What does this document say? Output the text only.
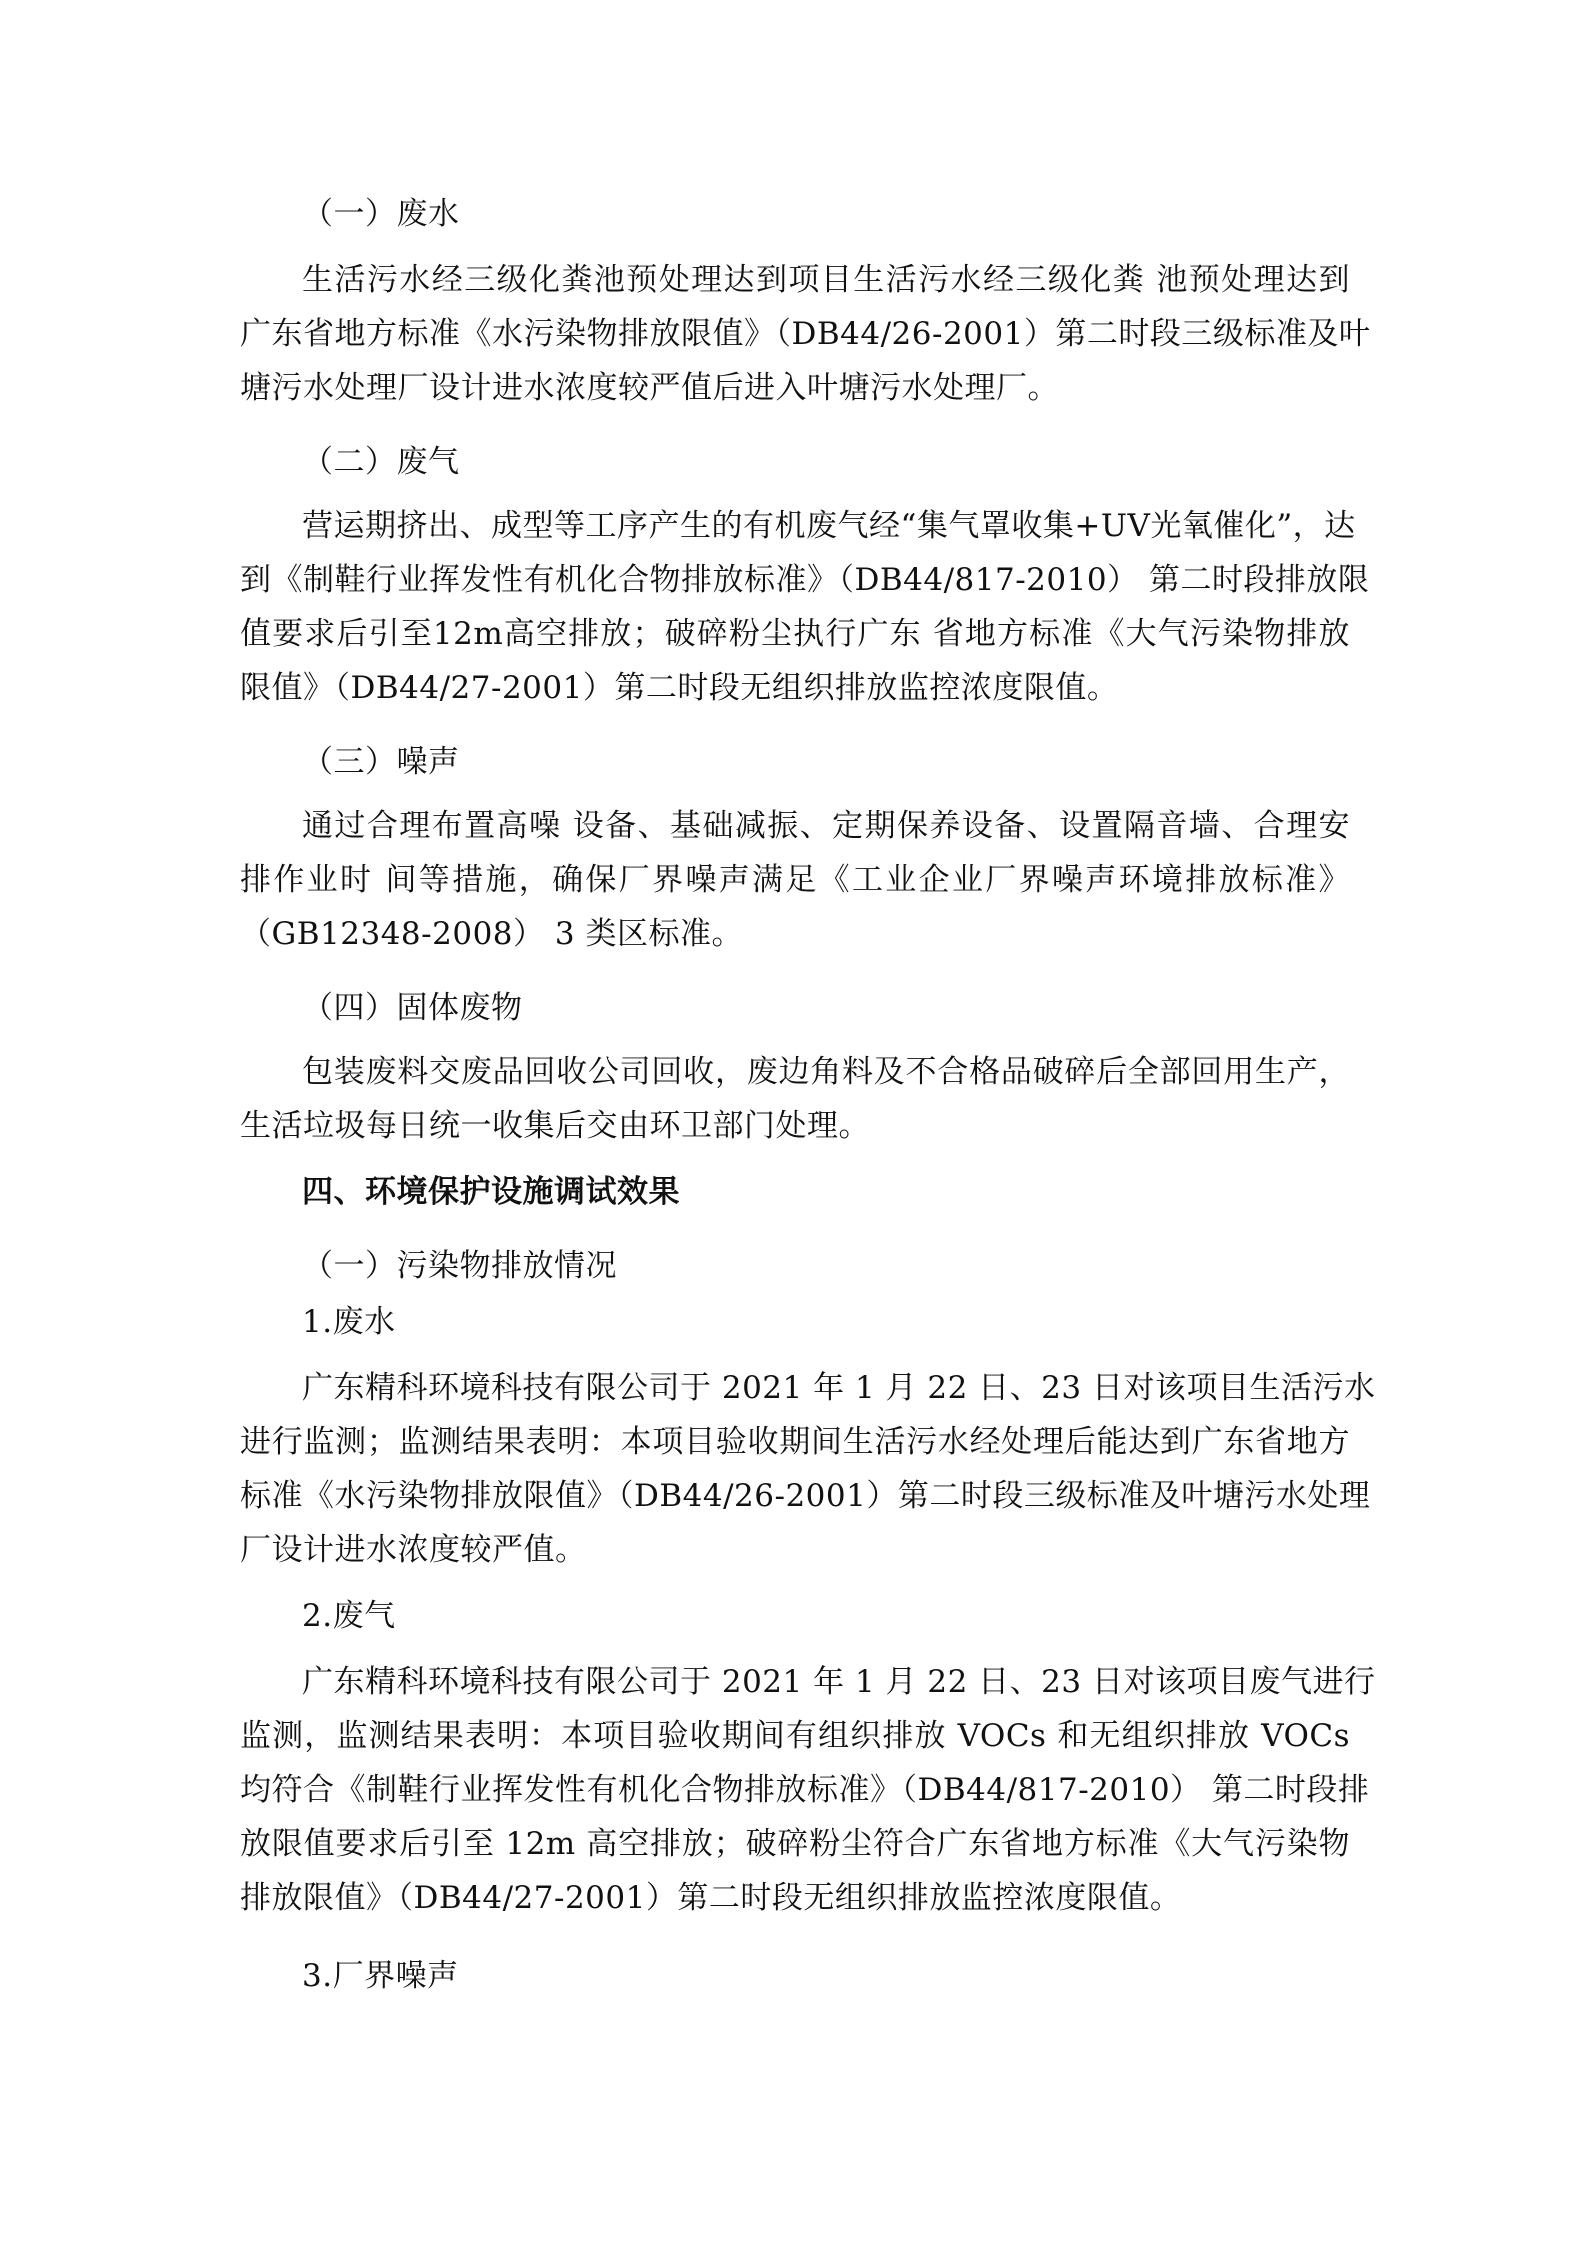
（一）废水
生活污水经三级化粪池预处理达到项目生活污水经三级化粪 池预处理达到
广东省地方标准《水污染物排放限值》（DB44/26-2001）第二时段三级标准及叶
塘污水处理厂设计进水浓度较严值后进入叶塘污水处理厂。
（二）废气
营运期挤出、成型等工序产生的有机废气经“集气罩收集+UV光氧催化”，达
到《制鞋行业挥发性有机化合物排放标准》（DB44/817-2010） 第二时段排放限
值要求后引至12m高空排放；破碎粉尘执行广东 省地方标准《大气污染物排放
限值》（DB44/27-2001）第二时段无组织排放监控浓度限值。
（三）噪声
通过合理布置高噪 设备、基础减振、定期保养设备、设置隔音墙、合理安
排作业时 间等措施，确保厂界噪声满足《工业企业厂界噪声环境排放标准》
（GB12348-2008） 3 类区标准。
（四）固体废物
包装废料交废品回收公司回收，废边角料及不合格品破碎后全部回用生产，
生活垃圾每日统一收集后交由环卫部门处理。
四、环境保护设施调试效果
（一）污染物排放情况
1.废水
广东精科环境科技有限公司于 2021 年 1 月 22 日、23 日对该项目生活污水
进行监测；监测结果表明：本项目验收期间生活污水经处理后能达到广东省地方
标准《水污染物排放限值》（DB44/26-2001）第二时段三级标准及叶塘污水处理
厂设计进水浓度较严值。
2.废气
广东精科环境科技有限公司于 2021 年 1 月 22 日、23 日对该项目废气进行
监测，监测结果表明：本项目验收期间有组织排放 VOCs 和无组织排放 VOCs
均符合《制鞋行业挥发性有机化合物排放标准》（DB44/817-2010） 第二时段排
放限值要求后引至 12m 高空排放；破碎粉尘符合广东省地方标准《大气污染物
排放限值》（DB44/27-2001）第二时段无组织排放监控浓度限值。
3.厂界噪声
